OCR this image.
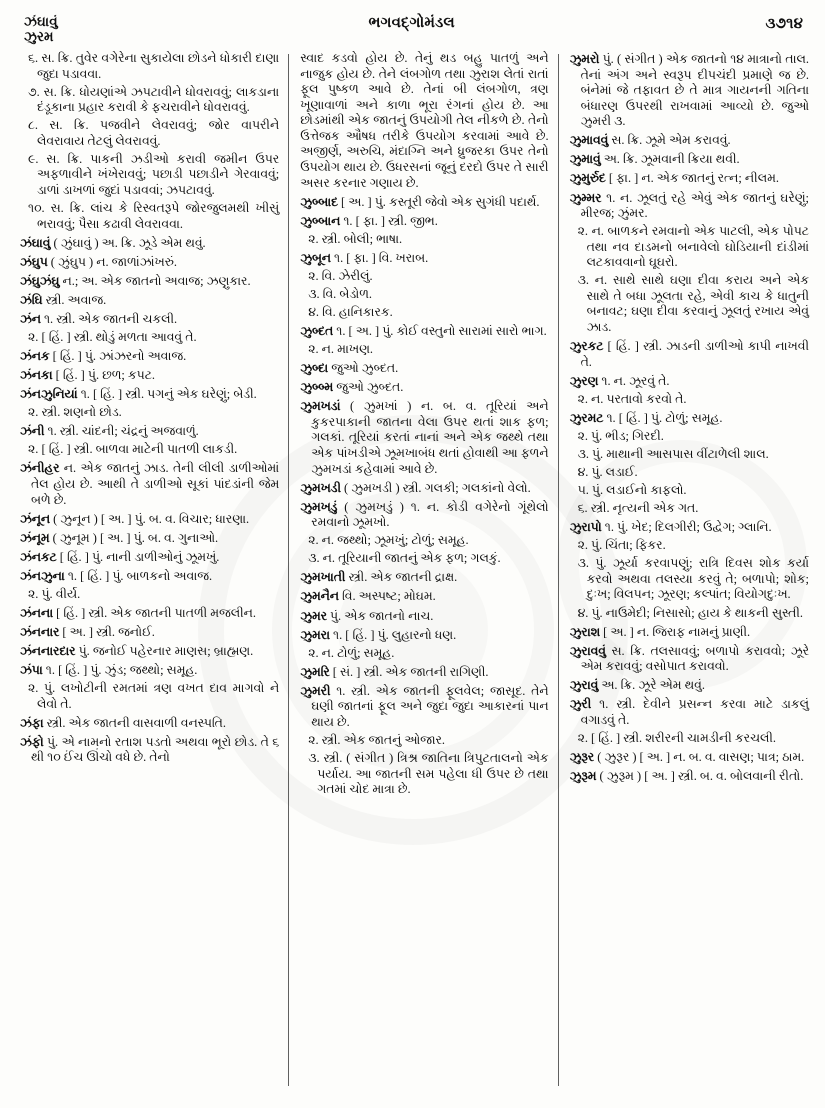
ઝંઘાવું
ઝુરમ
ભગવદ્ગોમંડલ	૩૭૧૪

૬. સ. ક્રિ. તુવેર વગેરેના સુકાયેલા છોડને ધોકારી દાણા જુદા પડાવવા.

૭. સ. ક્રિ. ધોયણાંએ ઝપટાવીને ધોવરાવવું; લાકડાના દંડૂકાના પ્રહાર કરાવી કે ફચરાવીને ધોવરાવવું.

૮. સ. ક્રિ. પજવીને લેવરાવવું; જોર વાપરીને લેવરાવાય તેટલું લેવરાવવું.

૯. સ. ક્રિ. પાકની ઝડીઓ કરાવી જમીન ઉપર અફળાવીને ખંખેરાવવું; પછાડી પછાડીને ગેરવાવવું; ડાળાં ડાખળાં જુદાં પડાવવાં; ઝપટાવવું.

૧૦. સ. ક્રિ. લાંચ કે રિસ્વતરૂપે જોરજુલમથી ખીસું ભરાવવું; પૈસા કઢાવી લેવરાવવા.

ઝંઘાવું ( ઝુંઘાવું ) અ. ક્રિ. ઝૂડે એમ થવું.

ઝંઘુપ ( ઝુંઘુપ ) ન. જાળાંઝાંખરું.

ઝંઘુઝંઘુ ન.; અ. એક જાતનો અવાજ; ઝણુકાર.

ઝંઘિ સ્ત્રી. અવાજ.

ઝંન ૧. સ્ત્રી. એક જાતની ચકલી.

૨. [ હિં. ] સ્ત્રી. થોડું મળતા આવવું તે.

ઝંનક [ હિં. ] પું. ઝાંઝરનો અવાજ.

ઝંનકા [ હિં. ] પું. છળ; કપટ.

ઝંનઝુનિયાં ૧. [ હિં. ] સ્ત્રી. પગનું એક ઘરેણું; બેડી.

૨. સ્ત્રી. શણનો છોડ.

ઝંની ૧. સ્ત્રી. ચાંદની; ચંદ્રનું અજવાળું.

૨. [ હિં. ] સ્ત્રી. બાળવા માટેની પાતળી લાકડી.

ઝંનીહર ન. એક જાતનું ઝાડ. તેની લીલી ડાળીઓમાં તેલ હોય છે. આથી તે ડાળીઓ સૂકાં પાંદડાંની જેમ બળે છે.

ઝંનૂન ( ઝુનૂન ) [ અ. ] પું. બ. વ. વિચાર; ધારણા.

ઝંનૂમ ( ઝુનૂમ ) [ અ. ] પું. બ. વ. ગુનાઓ.

ઝંનકટ [ હિં. ] પું. નાની ડાળીઓનું ઝૂમખું.

ઝંનઝુના ૧. [ હિં. ] પું. બાળકનો અવાજ.

૨. પું. વીર્ય.

ઝંનના [ હિં. ] સ્ત્રી. એક જાતની પાતળી મજલીન.

ઝંનનાર [ અ. ] સ્ત્રી. જનોઈ.

ઝંનનારદાર પું. જનોઈ પહેરનાર માણસ; બ્રાહ્મણ.

ઝંપા ૧. [ હિં. ] પું. ઝુંડ; જથ્થો; સમૂહ.

૨. પું. લખોટીની રમતમાં ત્રણ વખત દાવ માગવો ને લેવો તે.

ઝંફા સ્ત્રી. એક જાતની વાસવાળી વનસ્પતિ.

ઝંફો પું. એ નામનો રતાશ પડતો અથવા ભૂરો છોડ. તે ૬ થી ૧૦ ઈંચ ઊંચો વધે છે. તેનો

સ્વાદ કડવો હોય છે. તેનું થડ બહુ પાતળું અને નાજુક હોય છે. તેને લંબગોળ તથા ઝુરાશ લેતાં રાતાં ફૂલ પુષ્કળ આવે છે. તેનાં બી લંબગોળ, ત્રણ ખૂણાવાળાં અને કાળા ભૂરા રંગનાં હોય છે. આ છોડમાંથી એક જાતનું ઉપયોગી તેલ નીકળે છે. તેનો ઉત્તેજક ઔષધ તરીકે ઉપયોગ કરવામાં આવે છે. અજીર્ણ, અરુચિ, મંદાગ્નિ અને ધ્રુજરકા ઉપર તેનો ઉપયોગ થાય છે. ઉધરસનાં જૂનું દરદો ઉપર તે સારી અસર કરનાર ગણાય છે.

ઝુબ્બાદ [ અ. ] પું. કસ્તૂરી જેવો એક સુગંધી પદાર્થ.

ઝુબ્બાન ૧. [ ફા. ] સ્ત્રી. જીભ.

૨. સ્ત્રી. બોલી; ભાષા.

ઝુબૂન ૧. [ ફા. ] વિ. ખરાબ.

૨. વિ. ઝેરીલું.

૩. વિ. બેડોળ.

૪. વિ. હાનિકારક.

ઝુબ્દત ૧. [ અ. ] પું. કોઈ વસ્તુનો સારામાં સારો ભાગ.

૨. ન. માખણ.

ઝુબ્દા જુઓ ઝુબ્દત.

ઝુબ્બ્મ જુઓ ઝુબ્દત.

ઝુમખડાં ( ઝુમખાં ) ન. બ. વ. તૂરિયાં અને કુકરપાકાની જાતના વેલા ઉપર થતાં શાક ફળ; ગલકાં. તૂરિયાં કરતાં નાનાં અને એક જથ્થે તથા એક પાંખડીએ ઝૂમખાબંધ થતાં હોવાથી આ ફળને ઝુમખડાં કહેવામાં આવે છે.

ઝુમખડી ( ઝુમખડી ) સ્ત્રી. ગલકી; ગલકાંનો વેલો.

ઝુમખડું ( ઝુમખડું ) ૧. ન. કોડી વગેરેનો ગૂંથેલો રમવાનો ઝૂમખો.

૨. ન. જથ્થો; ઝૂમખું; ટોળું; સમૂહ.

૩. ન. તૂરિયાની જાતનું એક ફળ; ગલકું.

ઝુમખાતી સ્ત્રી. એક જાતની દ્રાક્ષ.

ઝુમનૈન વિ. અસ્પષ્ટ; મોઘમ.

ઝુમર પું. એક જાતનો નાચ.

ઝુમરા ૧. [ હિં. ] પું. લુહારનો ધણ.

૨. ન. ટોળું; સમૂહ.

ઝુમરિ [ સં. ] સ્ત્રી. એક જાતની રાગિણી.

ઝુમરી ૧. સ્ત્રી. એક જાતની ફૂલવેલ; જાસૂદ. તેને ઘણી જાતનાં ફૂલ અને જુદા જુદા આકારનાં પાન થાય છે.

૨. સ્ત્રી. એક જાતનું ઓજાર.

૩. સ્ત્રી. ( સંગીત ) ત્રિશ્ર જાતિના ત્રિપુટતાલનો એક પર્યાય. આ જાતની સમ પહેલા ધી ઉપર છે તથા ગતમાં ચોદ માત્રા છે.

ઝુમરો પું. ( સંગીત ) એક જાતનો ૧૪ માત્રાનો તાલ. તેનાં અંગ અને સ્વરૂપ દીપચંદી પ્રમાણે જ છે. બંનેમાં જે તફાવત છે તે માત્ર ગાયનની ગતિના બંધારણ ઉપરથી રાખવામાં આવ્યો છે. જુઓ ઝુમરી ૩.

ઝુમાવવું સ. ક્રિ. ઝૂમે એમ કરાવવું.

ઝુમાવું અ. ક્રિ. ઝૂમવાની ક્રિયા થવી.

ઝુમુર્રુદ [ ફા. ] ન. એક જાતનું રત્ન; નીલમ.

ઝુમ્મર ૧. ન. ઝૂલતું રહે એવું એક જાતનું ઘરેણું; મીરજ; ઝુંમર.

૨. ન. બાળકને રમવાનો એક પાટલી, એક પોપટ તથા નવ દાડમનો બનાવેલો ઘોડિયાની દાંડીમાં લટકાવવાનો ઘૂઘરો.

૩. ન. સાથે સાથે ઘણા દીવા કરાય અને એક સાથે તે બધા ઝૂલતા રહે, એવી કાચ કે ધાતુની બનાવટ; ઘણા દીવા કરવાનું ઝૂલતું રખાય એવું ઝાડ.

ઝુરકટ [ હિં. ] સ્ત્રી. ઝાડની ડાળીઓ કાપી નાખવી તે.

ઝુરણ ૧. ન. ઝૂરવું તે.

૨. ન. પરતાવો કરવો તે.

ઝુરમટ ૧. [ હિં. ] પું. ટોળું; સમૂહ.

૨. પું. ભીડ; ગિરદી.

૩. પું. માથાની આસપાસ વીંટાળેલી શાલ.

૪. પું. લડાઈ.

૫. પું. લડાઈનો કાફલો.

૬. સ્ત્રી. નૃત્યની એક ગત.

ઝુરાપો ૧. પું. ખેદ; દિલગીરી; ઉદ્વેગ; ગ્લાનિ.

૨. પું. ચિંતા; ફિકર.

૩. પું. ઝૂર્યા કરવાપણું; રાત્રિ દિવસ શોક કર્યા કરવો અથવા તલસ્યા કરવું તે; બળાપો; શોક; દુઃખ; વિલપન; ઝૂરણ; કલ્પાંત; વિયોગદુઃખ.

૪. પું. નાઉમેદી; નિસાસો; હાય કે થાકની સુસ્તી.

ઝુરાશ [ અ. ] ન. જિરાફ નામનું પ્રાણી.

ઝુરાવવું સ. ક્રિ. તલસાવવું; બળાપો કરાવવો; ઝૂરે એમ કરાવવું; વસોપાત કરાવવો.

ઝુરાવું અ. ક્રિ. ઝૂરે એમ થવું.

ઝુરી ૧. સ્ત્રી. દેવીને પ્રસન્ન કરવા માટે ડાકલું વગાડવું તે.

૨. [ હિં. ] સ્ત્રી. શરીરની ચામડીની કરચલી.

ઝુરૂર ( ઝુરૂર ) [ અ. ] ન. બ. વ. વાસણ; પાત્ર; ઠામ.

ઝુરૂમ ( ઝુરૂમ ) [ અ. ] સ્ત્રી. બ. વ. બોલવાની રીતો.
